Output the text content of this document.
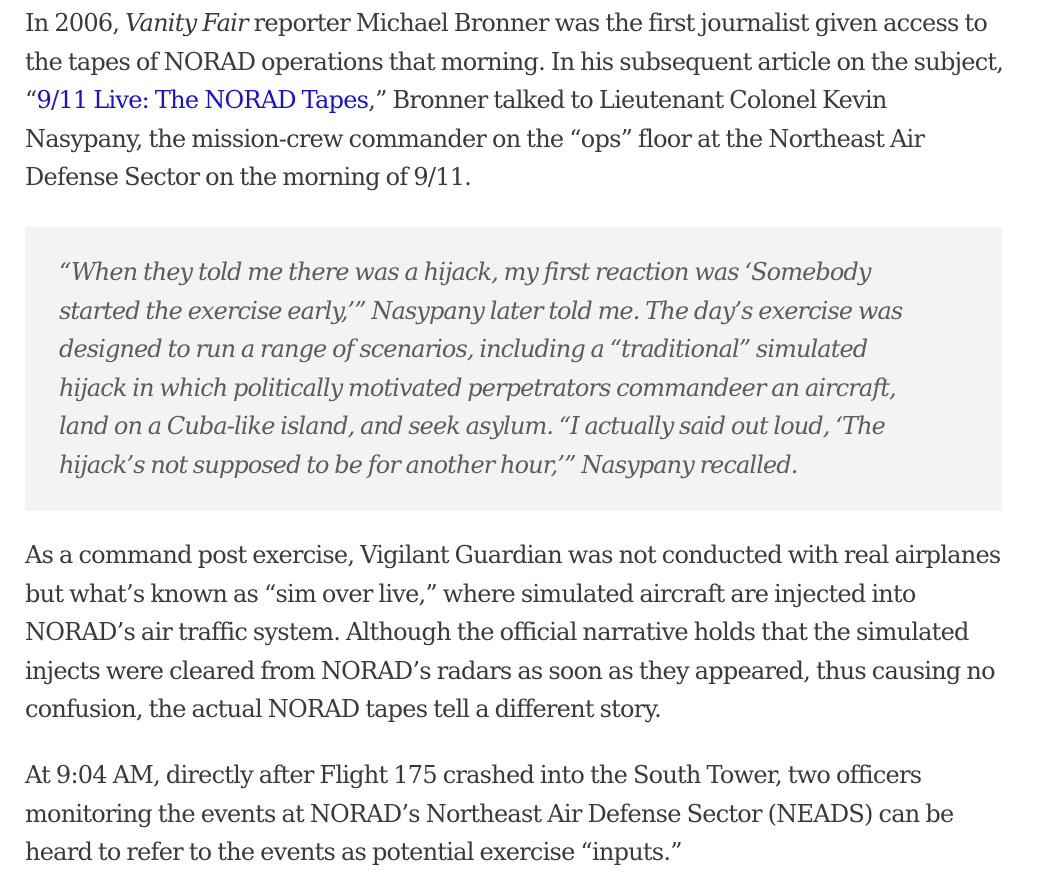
In 2006, Vanity Fair reporter Michael Bronner was the first journalist given access to
the tapes of NORAD operations that morning. In his subsequent article on the subject,
“9/11 Live: The NORAD Tapes,” Bronner talked to Lieutenant Colonel Kevin
Nasypany, the mission-crew commander on the “ops” floor at the Northeast Air
Defense Sector on the morning of 9/11.

“When they told me there was a hijack, my first reaction was ‘Somebody
started the exercise early,’” Nasypany later told me. The day’s exercise was
designed to run a range of scenarios, including a “traditional” simulated
hijack in which politically motivated perpetrators commandeer an aircraft,
land on a Cuba-like island, and seek asylum. “I actually said out loud, ‘The
hijack’s not supposed to be for another hour,’” Nasypany recalled.

As a command post exercise, Vigilant Guardian was not conducted with real airplanes
but what’s known as “sim over live,” where simulated aircraft are injected into
NORAD’s air traffic system. Although the official narrative holds that the simulated
injects were cleared from NORAD’s radars as soon as they appeared, thus causing no
confusion, the actual NORAD tapes tell a different story.

At 9:04 AM, directly after Flight 175 crashed into the South Tower, two officers
monitoring the events at NORAD’s Northeast Air Defense Sector (NEADS) can be
heard to refer to the events as potential exercise “inputs.”
